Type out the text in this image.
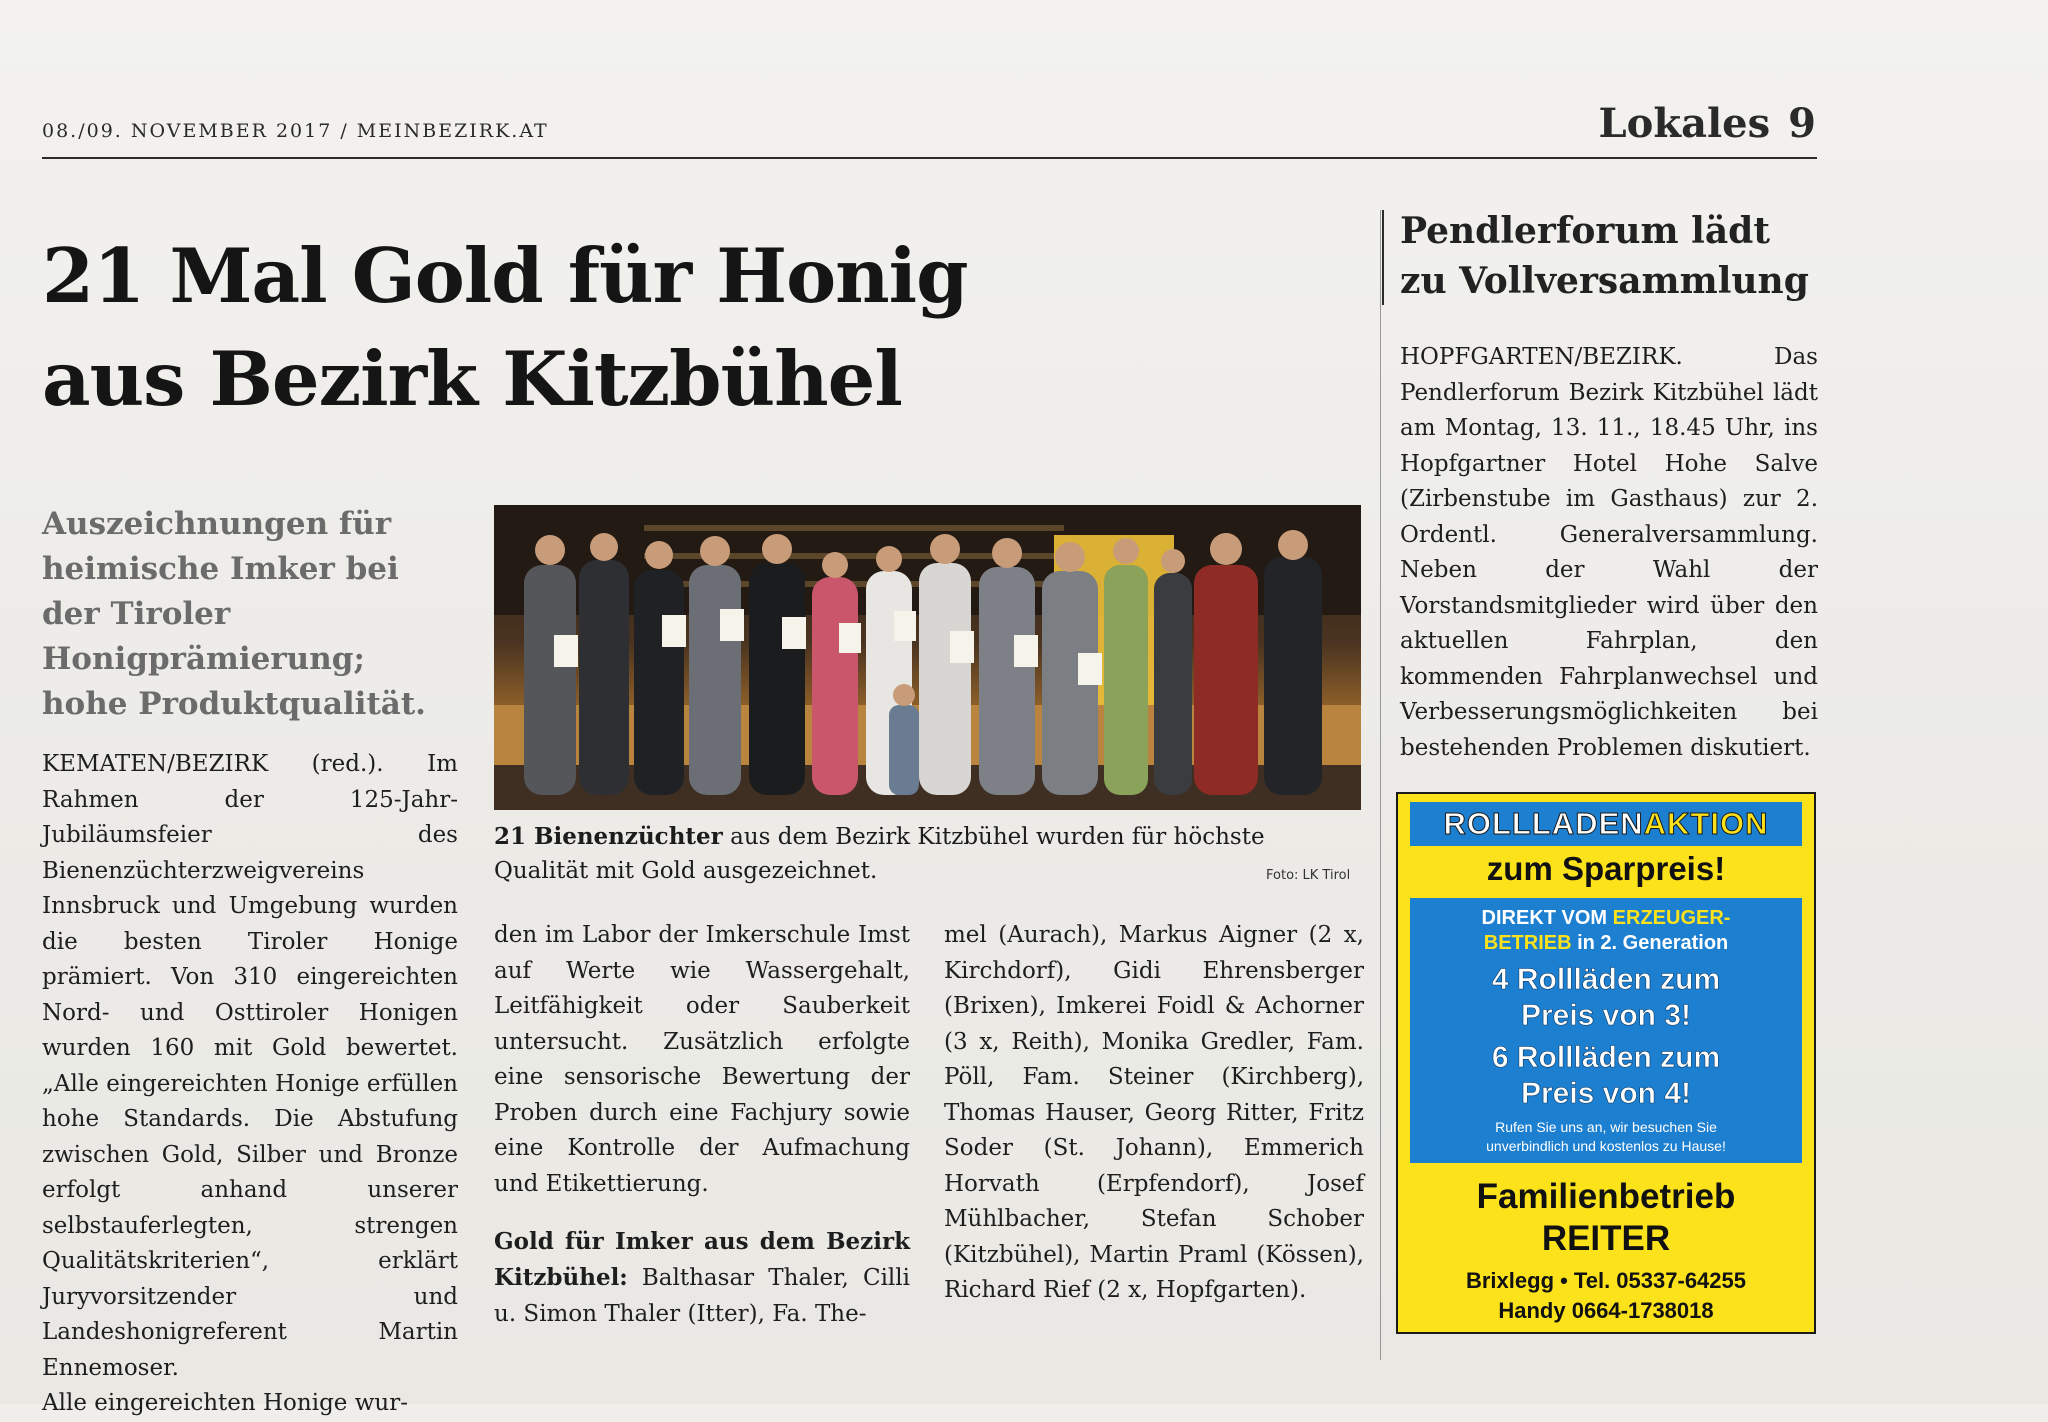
08./09. NOVEMBER 2017 / MEINBEZIRK.AT	Lokales 9
21 Mal Gold für Honig
aus Bezirk Kitzbühel
Auszeichnungen für heimische Imker bei der Tiroler Honigprämierung; hohe Produktqualität.
21 Bienenzüchter aus dem Bezirk Kitzbühel wurden für höchste Qualität mit Gold ausgezeichnet.	Foto: LK Tirol

KEMATEN/BEZIRK (red.). Im Rahmen der 125-Jahr-Jubiläumsfeier des Bienenzüchterzweigvereins Innsbruck und Umgebung wurden die besten Tiroler Honige prämiert. Von 310 eingereichten Nord- und Osttiroler Honigen wurden 160 mit Gold bewertet. „Alle eingereichten Honige erfüllen hohe Standards. Die Abstufung zwischen Gold, Silber und Bronze erfolgt anhand unserer selbstauferlegten, strengen Qualitätskriterien“, erklärt Juryvorsitzender und Landeshonigreferent Martin Ennemoser.

Alle eingereichten Honige wur-

den im Labor der Imkerschule Imst auf Werte wie Wassergehalt, Leitfähigkeit oder Sauberkeit untersucht. Zusätzlich erfolgte eine sensorische Bewertung der Proben durch eine Fachjury sowie eine Kontrolle der Aufmachung und Etikettierung.

Gold für Imker aus dem Bezirk Kitzbühel: Balthasar Thaler, Cilli u. Simon Thaler (Itter), Fa. The-

mel (Aurach), Markus Aigner (2 x, Kirchdorf), Gidi Ehrensberger (Brixen), Imkerei Foidl & Achorner (3 x, Reith), Monika Gredler, Fam. Pöll, Fam. Steiner (Kirchberg), Thomas Hauser, Georg Ritter, Fritz Soder (St. Johann), Emmerich Horvath (Erpfendorf), Josef Mühlbacher, Stefan Schober (Kitzbühel), Martin Praml (Kössen), Richard Rief (2 x, Hopfgarten).

Pendlerforum lädt
zu Vollversammlung

HOPFGARTEN/BEZIRK. Das Pendlerforum Bezirk Kitzbühel lädt am Montag, 13. 11., 18.45 Uhr, ins Hopfgartner Hotel Hohe Salve (Zirbenstube im Gasthaus) zur 2. Ordentl. Generalversammlung. Neben der Wahl der Vorstandsmitglieder wird über den aktuellen Fahrplan, den kommenden Fahrplanwechsel und Verbesserungsmöglichkeiten bei bestehenden Problemen diskutiert.

ROLLLADENAKTION
zum Sparpreis!
DIREKT VOM ERZEUGER-
BETRIEB in 2. Generation
4 Rollläden zum
Preis von 3!
6 Rollläden zum
Preis von 4!
Rufen Sie uns an, wir besuchen Sie
unverbindlich und kostenlos zu Hause!
Familienbetrieb
REITER
Brixlegg • Tel. 05337-64255
Handy 0664-1738018
